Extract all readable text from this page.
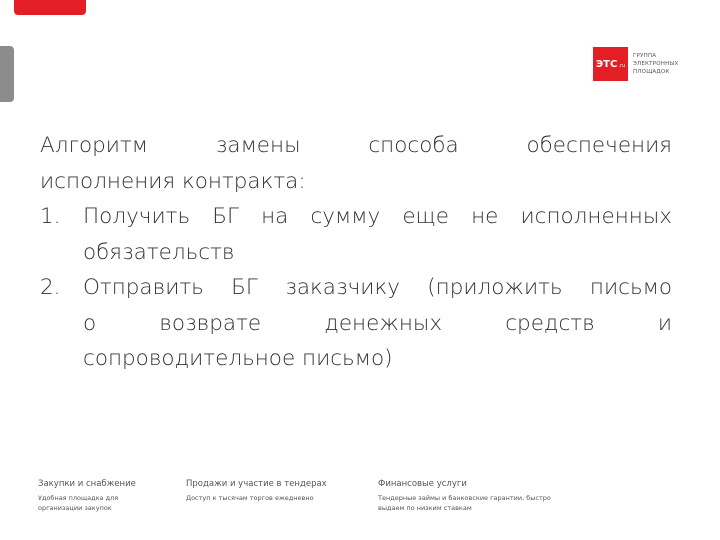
ЭТС .ru
ГРУППА
ЭЛЕКТРОННЫХ
ПЛОЩАДОК

Алгоритм замены способа обеспечения
исполнения контракта:

1. Получить БГ на сумму еще не исполненных
обязательств
2. Отправить БГ заказчику (приложить письмо
о возврате денежных средств и
сопроводительное письмо)
Закупки и снабжение
Удобная площадка для организации закупок
Продажи и участие в тендерах
Доступ к тысячам торгов ежедневно
Финансовые услуги
Тендерные займы и банковские гарантии, быстро выдаем по низким ставкам
